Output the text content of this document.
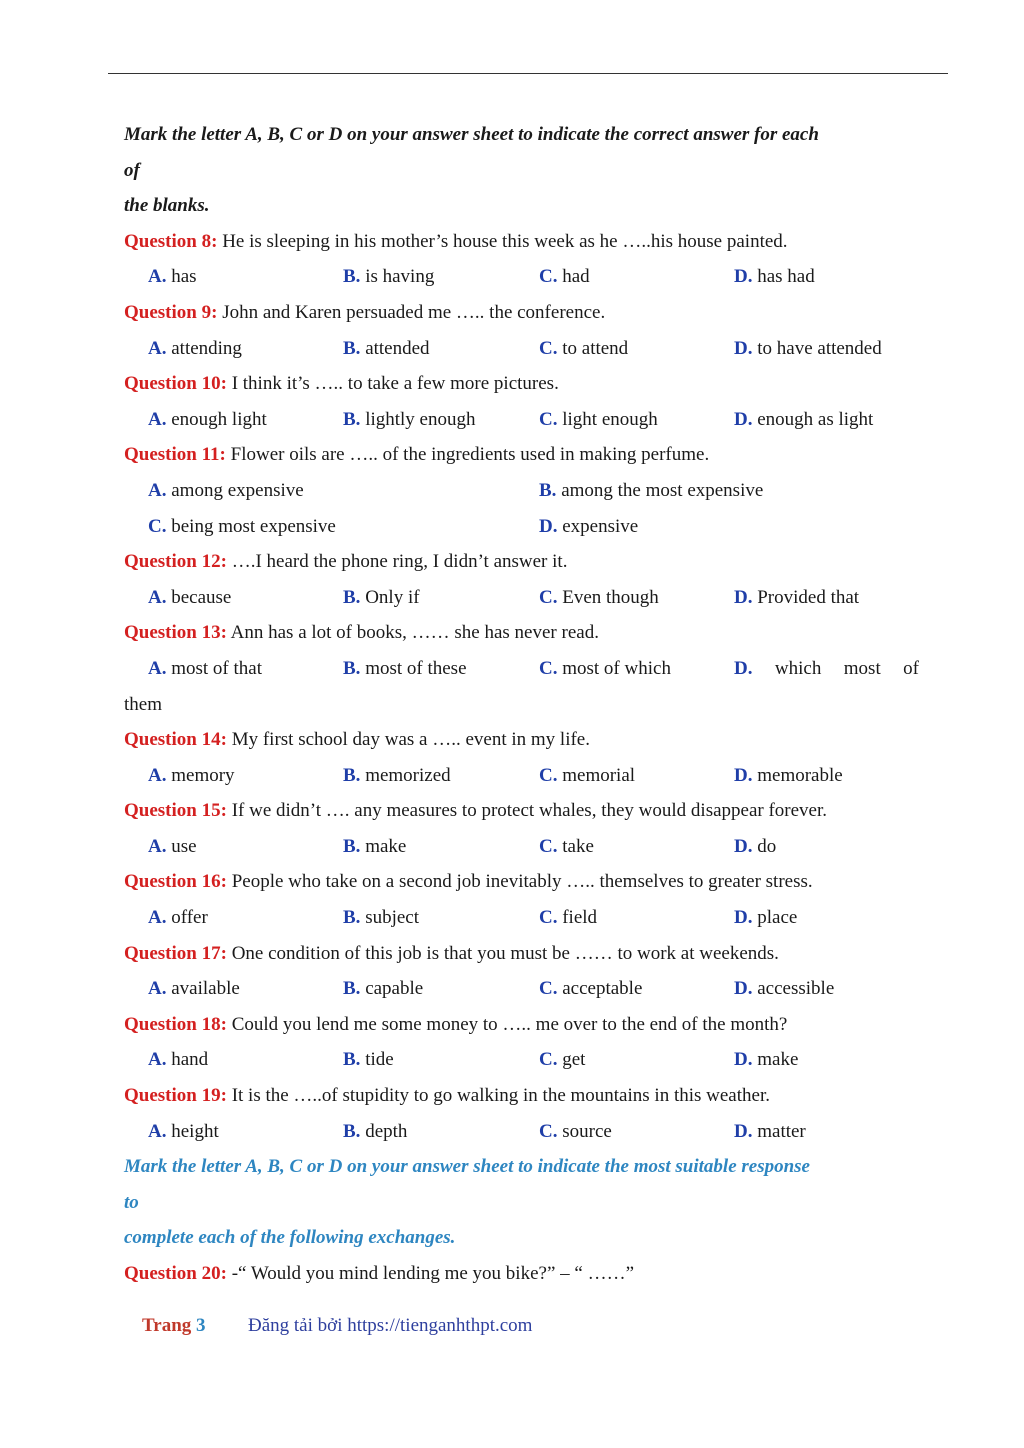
Mark the letter A, B, C or D on your answer sheet to indicate the correct answer for each
of
the blanks.
Question 8: He is sleeping in his mother’s house this week as he …..his house painted.
A. has	B. is having	C. had	D. has had
Question 9: John and Karen persuaded me ….. the conference.
A. attending	B. attended	C. to attend	D. to have attended
Question 10: I think it’s ….. to take a few more pictures.
A. enough light	B. lightly enough	C. light enough	D. enough as light
Question 11: Flower oils are ….. of the ingredients used in making perfume.
A. among expensive	B. among the most expensive
C. being most expensive	D. expensive
Question 12: ….I heard the phone ring, I didn’t answer it.
A. because	B. Only if	C. Even though	D. Provided that
Question 13: Ann has a lot of books, …… she has never read.
A. most of that	B. most of these	C. most of which	D. which most of
them
Question 14: My first school day was a ….. event in my life.
A. memory	B. memorized	C. memorial	D. memorable
Question 15: If we didn’t …. any measures to protect whales, they would disappear forever.
A. use	B. make	C. take	D. do
Question 16: People who take on a second job inevitably ….. themselves to greater stress.
A. offer	B. subject	C. field	D. place
Question 17: One condition of this job is that you must be …… to work at weekends.
A. available	B. capable	C. acceptable	D. accessible
Question 18: Could you lend me some money to ….. me over to the end of the month?
A. hand	B. tide	C. get	D. make
Question 19: It is the …..of stupidity to go walking in the mountains in this weather.
A. height	B. depth	C. source	D. matter
Mark the letter A, B, C or D on your answer sheet to indicate the most suitable response
to
complete each of the following exchanges.
Question 20: -“ Would you mind lending me you bike?” – “ ……”
Trang 3 Đăng tải bởi https://tienganhthpt.com
